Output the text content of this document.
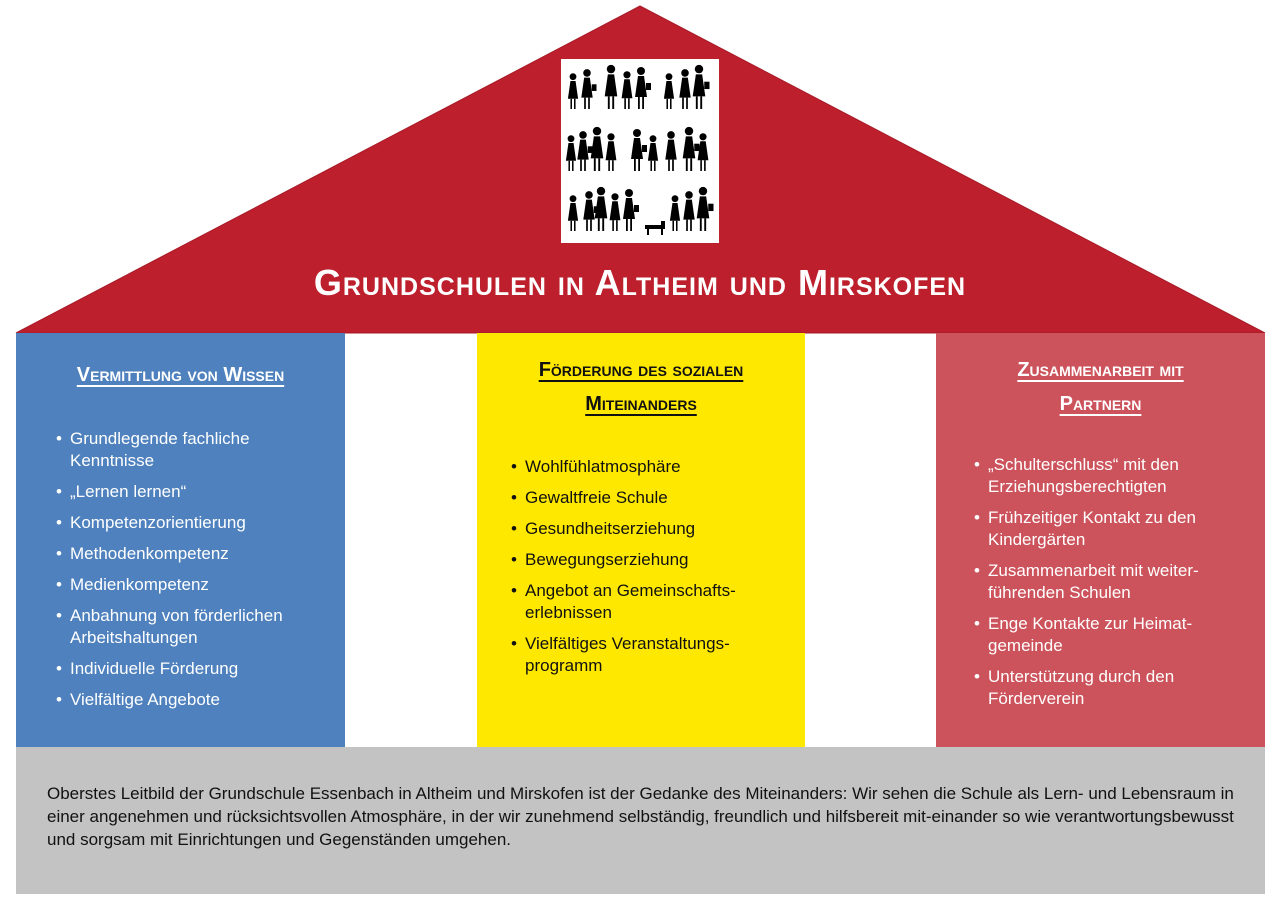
Grundschulen in Altheim und Mirskofen
Vermittlung von Wissen
• Grundlegende fachliche Kenntnisse
• „Lernen lernen“
• Kompetenzorientierung
• Methodenkompetenz
• Medienkompetenz
• Anbahnung von förderlichen Arbeitshaltungen
• Individuelle Förderung
• Vielfältige Angebote
Förderung des sozialen Miteinanders
• Wohlfühlatmosphäre
• Gewaltfreie Schule
• Gesundheitserziehung
• Bewegungserziehung
• Angebot an Gemeinschafts-erlebnissen
• Vielfältiges Veranstaltungs-programm
Zusammenarbeit mit Partnern
• „Schulterschluss“ mit den Erziehungsberechtigten
• Frühzeitiger Kontakt zu den Kindergärten
• Zusammenarbeit mit weiter-führenden Schulen
• Enge Kontakte zur Heimat-gemeinde
• Unterstützung durch den Förderverein
Oberstes Leitbild der Grundschule Essenbach in Altheim und Mirskofen ist der Gedanke des Miteinanders: Wir sehen die Schule als Lern- und Lebensraum in einer angenehmen und rücksichtsvollen Atmosphäre, in der wir zunehmend selbständig, freundlich und hilfsbereit mit-einander so wie verantwortungsbewusst und sorgsam mit Einrichtungen und Gegenständen umgehen.
